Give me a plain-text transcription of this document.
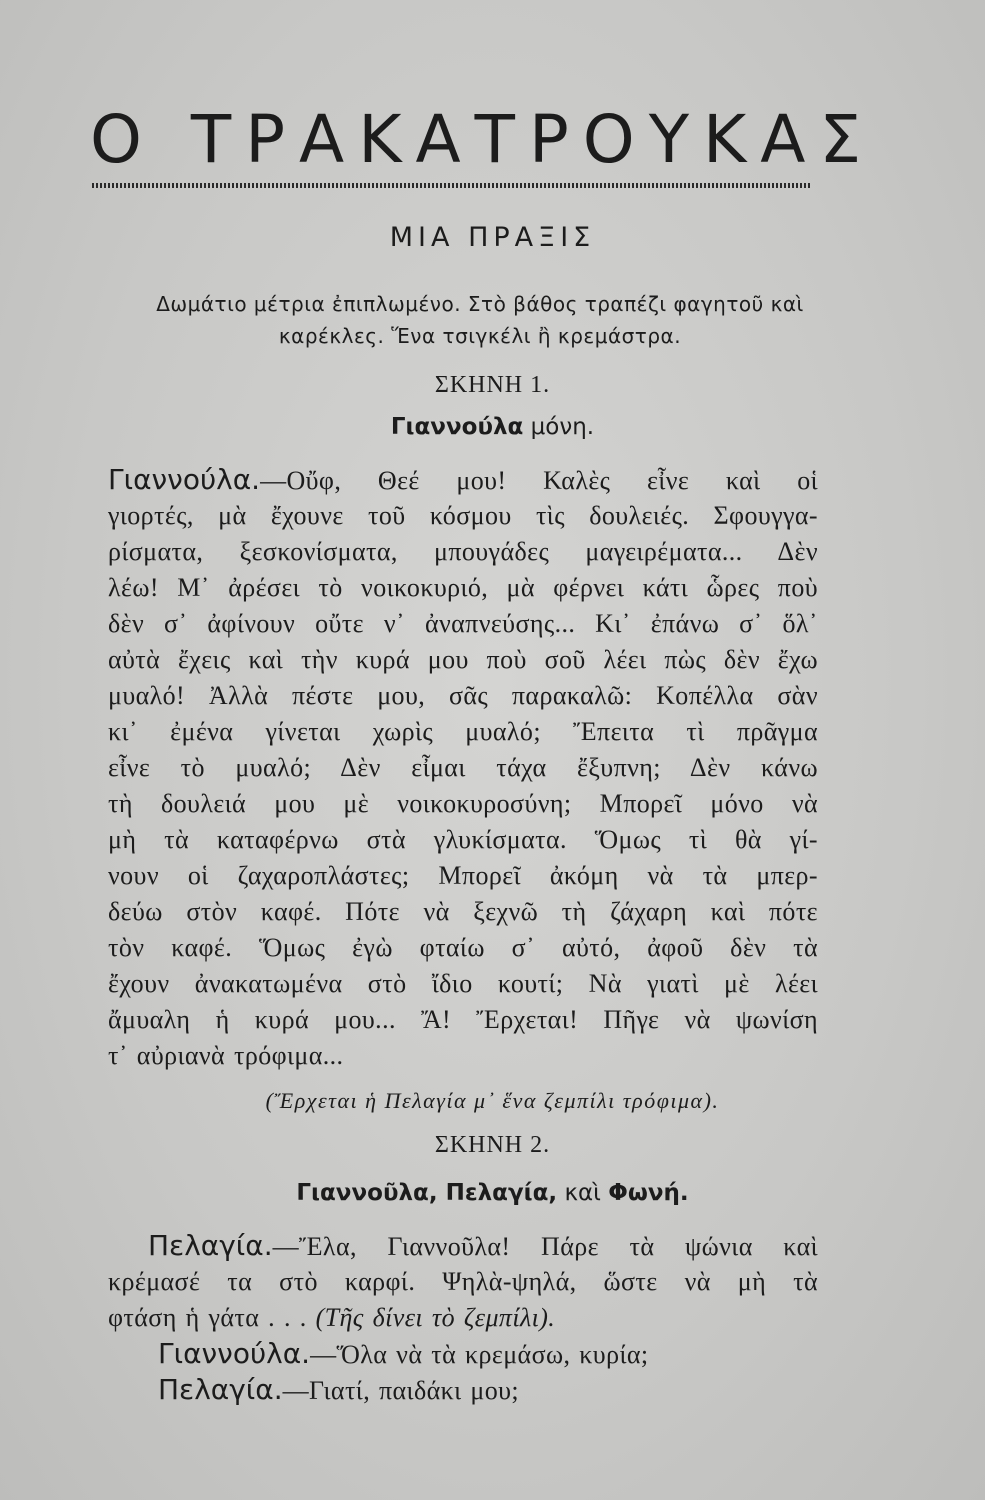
Ο ΤΡΑΚΑΤΡΟΥΚΑΣ
ΜΙΑ ΠΡΑΞΙΣ
Δωμάτιο μέτρια ἐπιπλωμένο. Στὸ βάθος τραπέζι φαγητοῦ καὶ
καρέκλες. Ἕνα τσιγκέλι ἢ κρεμάστρα.
ΣΚΗΝΗ 1.
Γιαννούλα μόνη.
Γιαννούλα.—Οὔφ, Θεέ μου! Καλὲς εἶνε καὶ οἱ
γιορτές, μὰ ἔχουνε τοῦ κόσμου τὶς δουλειές. Σφουγγα-
ρίσματα, ξεσκονίσματα, μπουγάδες μαγειρέματα... Δὲν
λέω! Μ᾽ ἀρέσει τὸ νοικοκυριό, μὰ φέρνει κάτι ὧρες ποὺ
δὲν σ᾽ ἀφίνουν οὔτε ν᾽ ἀναπνεύσης... Κι᾽ ἐπάνω σ᾽ ὅλ᾽
αὐτὰ ἔχεις καὶ τὴν κυρά μου ποὺ σοῦ λέει πὼς δὲν ἔχω
μυαλό! Ἀλλὰ πέστε μου, σᾶς παρακαλῶ: Κοπέλλα σὰν
κι᾽ ἐμένα γίνεται χωρὶς μυαλό; Ἔπειτα τὶ πρᾶγμα
εἶνε τὸ μυαλό; Δὲν εἶμαι τάχα ἔξυπνη; Δὲν κάνω
τὴ δουλειά μου μὲ νοικοκυροσύνη; Μπορεῖ μόνο νὰ
μὴ τὰ καταφέρνω στὰ γλυκίσματα. Ὅμως τὶ θὰ γί-
νουν οἱ ζαχαροπλάστες; Μπορεῖ ἀκόμη νὰ τὰ μπερ-
δεύω στὸν καφέ. Πότε νὰ ξεχνῶ τὴ ζάχαρη καὶ πότε
τὸν καφέ. Ὅμως ἐγὼ φταίω σ᾽ αὐτό, ἀφοῦ δὲν τὰ
ἔχουν ἀνακατωμένα στὸ ἴδιο κουτί; Νὰ γιατὶ μὲ λέει
ἄμυαλη ἡ κυρά μου... Ἄ! Ἔρχεται! Πῆγε νὰ ψωνίση
τ᾽ αὐριανὰ τρόφιμα...
(Ἔρχεται ἡ Πελαγία μ᾽ ἕνα ζεμπίλι τρόφιμα).
ΣΚΗΝΗ 2.
Γιαννοῦλα, Πελαγία, καὶ Φωνή.
Πελαγία.—Ἔλα, Γιαννοῦλα! Πάρε τὰ ψώνια καὶ
κρέμασέ τα στὸ καρφί. Ψηλὰ-ψηλά, ὥστε νὰ μὴ τὰ
φτάση ἡ γάτα . . . (Τῆς δίνει τὸ ζεμπίλι).
Γιαννούλα.—Ὅλα νὰ τὰ κρεμάσω, κυρία;
Πελαγία.—Γιατί, παιδάκι μου;
